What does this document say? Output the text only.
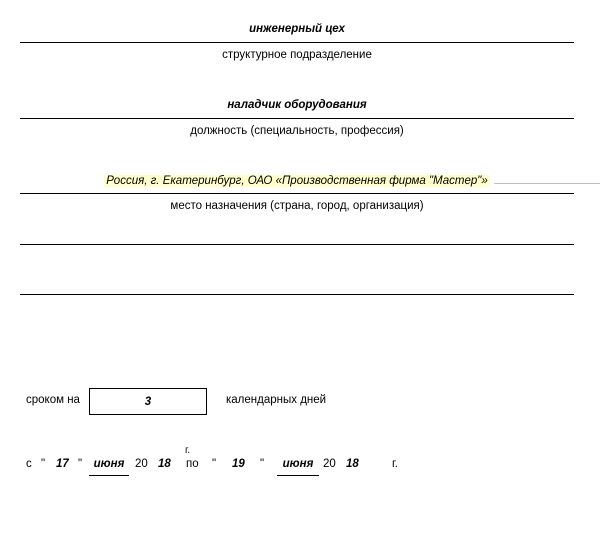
инженерный цех
структурное подразделение
наладчик оборудования
должность (специальность, профессия)
Россия, г. Екатеринбург, ОАО «Производственная фирма "Мастер"»
место назначения (страна, город, организация)
сроком на	3	календарных дней
г.
с " 17 "	июня 20 18 по " 19 "	июня 20 18	г.
